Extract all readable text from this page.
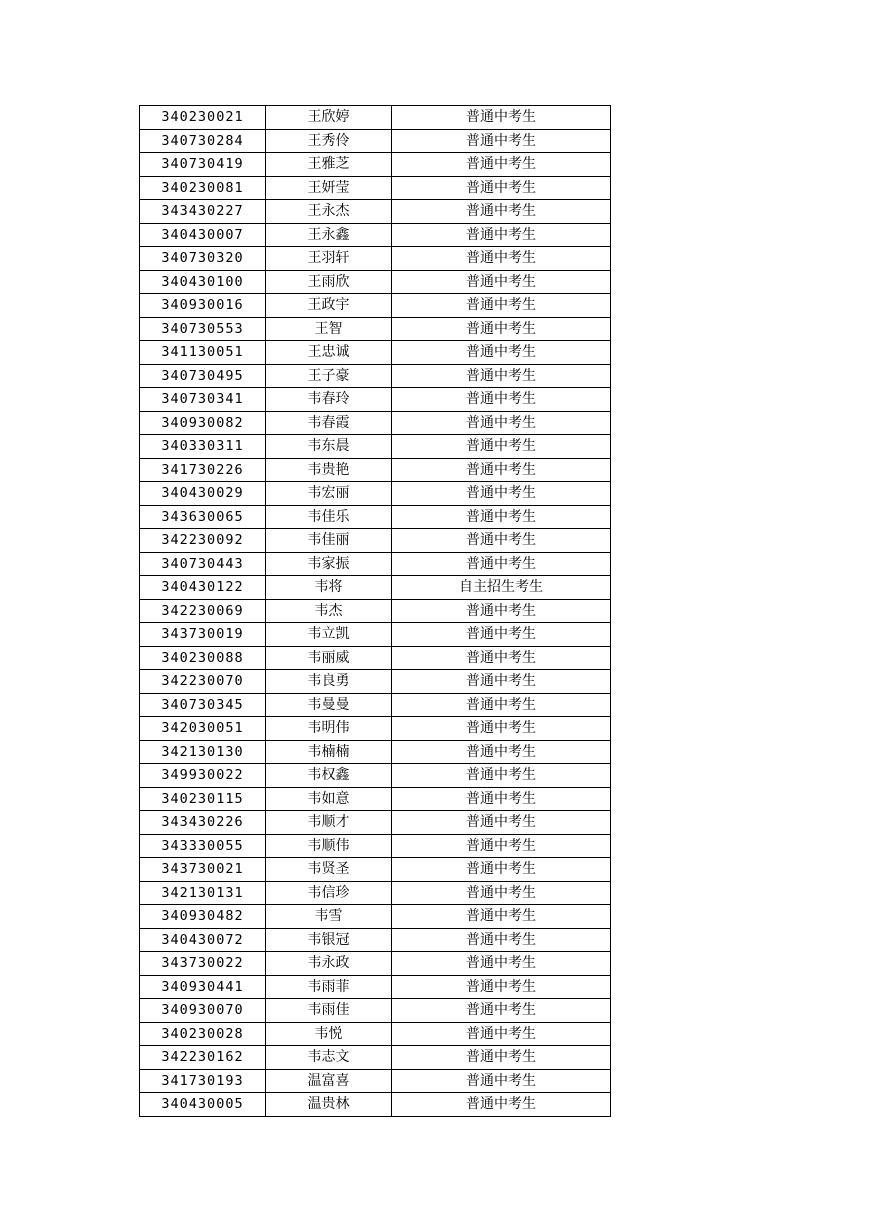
340230021	王欣婷	普通中考生
340730284	王秀伶	普通中考生
340730419	王雅芝	普通中考生
340230081	王妍莹	普通中考生
343430227	王永杰	普通中考生
340430007	王永鑫	普通中考生
340730320	王羽轩	普通中考生
340430100	王雨欣	普通中考生
340930016	王政宇	普通中考生
340730553	王智	普通中考生
341130051	王忠诚	普通中考生
340730495	王子豪	普通中考生
340730341	韦春玲	普通中考生
340930082	韦春霞	普通中考生
340330311	韦东晨	普通中考生
341730226	韦贵艳	普通中考生
340430029	韦宏丽	普通中考生
343630065	韦佳乐	普通中考生
342230092	韦佳丽	普通中考生
340730443	韦家振	普通中考生
340430122	韦将	自主招生考生
342230069	韦杰	普通中考生
343730019	韦立凯	普通中考生
340230088	韦丽威	普通中考生
342230070	韦良勇	普通中考生
340730345	韦曼曼	普通中考生
342030051	韦明伟	普通中考生
342130130	韦楠楠	普通中考生
349930022	韦权鑫	普通中考生
340230115	韦如意	普通中考生
343430226	韦顺才	普通中考生
343330055	韦顺伟	普通中考生
343730021	韦贤圣	普通中考生
342130131	韦信珍	普通中考生
340930482	韦雪	普通中考生
340430072	韦银冠	普通中考生
343730022	韦永政	普通中考生
340930441	韦雨菲	普通中考生
340930070	韦雨佳	普通中考生
340230028	韦悦	普通中考生
342230162	韦志文	普通中考生
341730193	温富喜	普通中考生
340430005	温贵林	普通中考生
